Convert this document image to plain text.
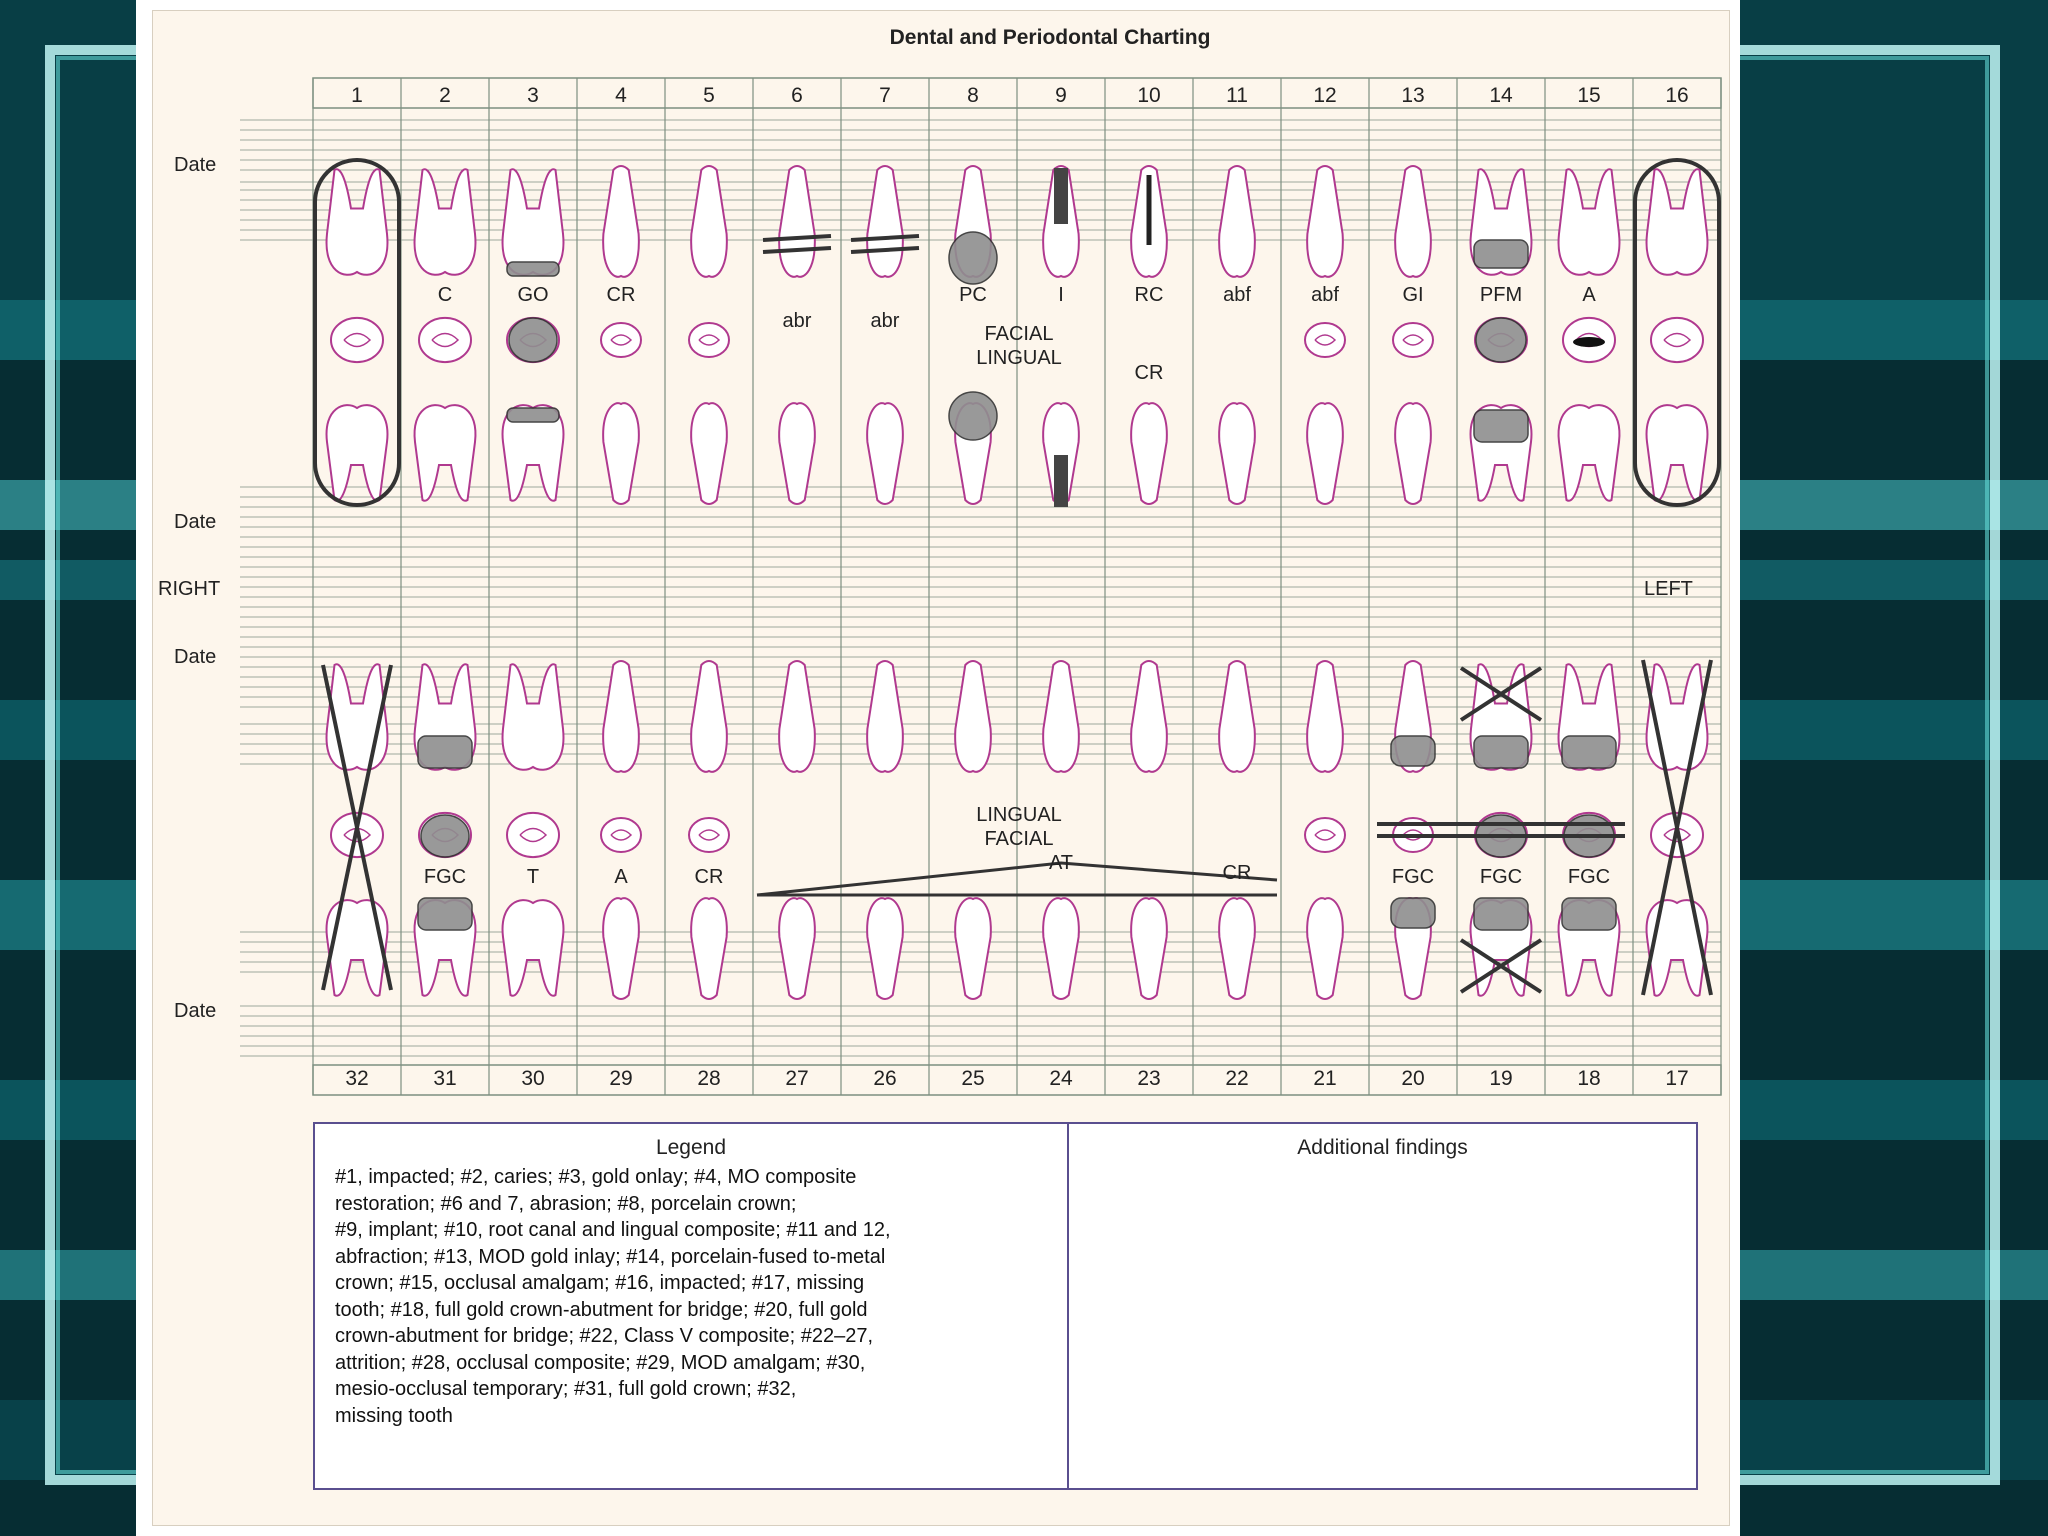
Dental and Periodontal Charting
Date
Date
RIGHT	LEFT
Date
Date
1	2	3	4	5	6	7	8	9	10	11	12	13	14	15	16
32	31	30	29	28	27	26	25	24	23	22	21	20	19	18	17
C	GO	CR
abr	abr
PC	I	RC
CR
abf	abf	GI	PFM	A
FGC	T	A	CR
AT	CR	FGC	FGC	FGC
FACIAL
LINGUAL
LINGUAL
FACIAL
Legend	Additional findings
#1, impacted; #2, caries; #3, gold onlay; #4, MO composite
restoration; #6 and 7, abrasion; #8, porcelain crown;
#9, implant; #10, root canal and lingual composite; #11 and 12,
abfraction; #13, MOD gold inlay; #14, porcelain-fused to-metal
crown; #15, occlusal amalgam; #16, impacted; #17, missing
tooth; #18, full gold crown-abutment for bridge; #20, full gold
crown-abutment for bridge; #22, Class V composite; #22–27,
attrition; #28, occlusal composite; #29, MOD amalgam; #30,
mesio-occlusal temporary; #31, full gold crown; #32,
missing tooth
